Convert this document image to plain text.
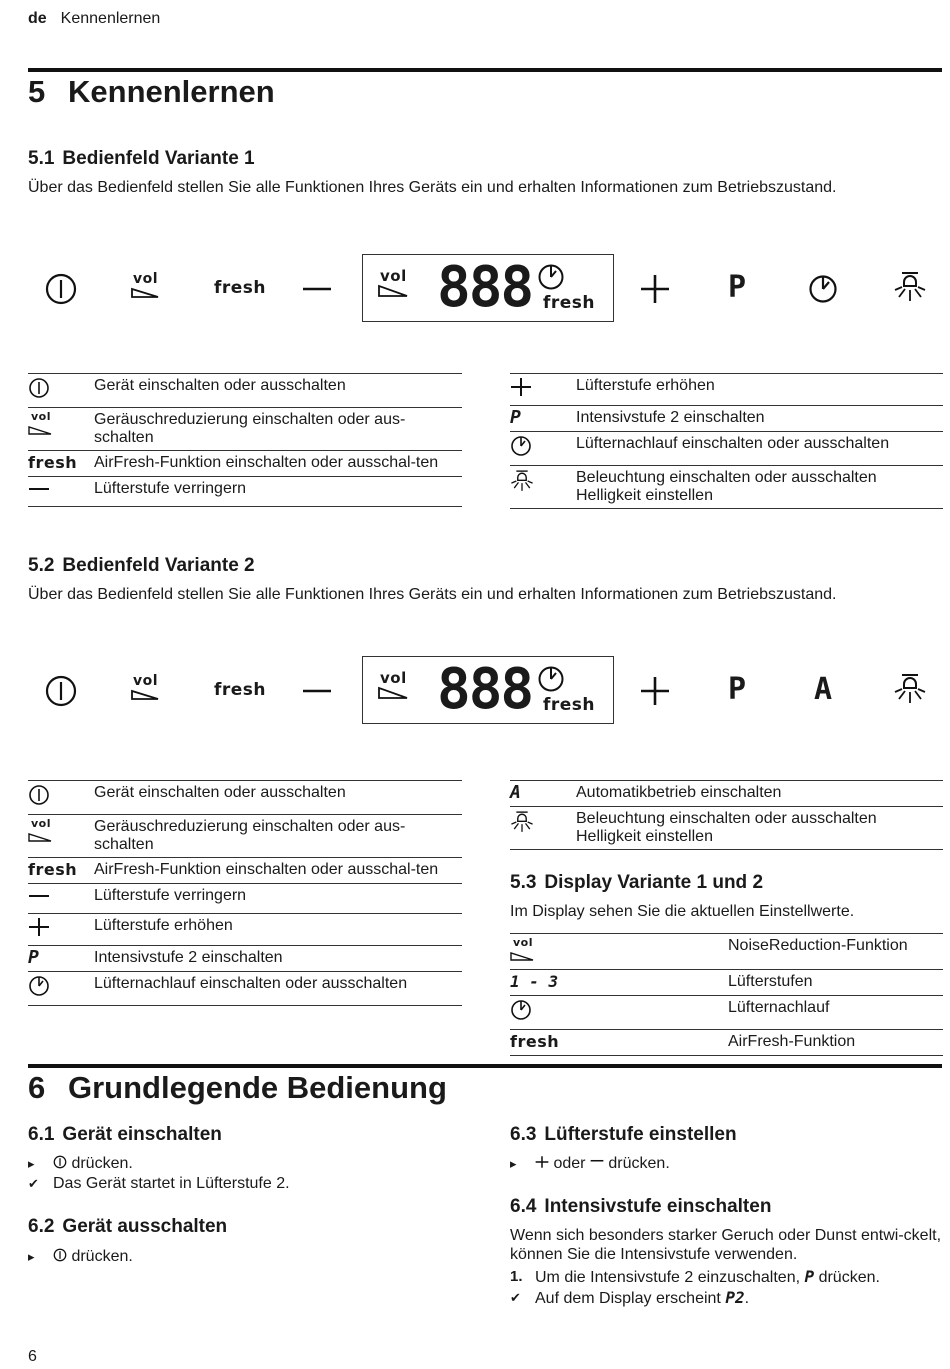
de Kennenlernen
5 Kennenlernen
5.1 Bedienfeld Variante 1
Über das Bedienfeld stellen Sie alle Funktionen Ihres Geräts ein und erhalten Informationen zum Betriebszustand.
vol	fresh
vol 888 fresh	P
	Gerät einschalten oder ausschalten

vol	Geräuschreduzierung einschalten oder aus-schalten
fresh	AirFresh-Funktion einschalten oder ausschal-ten
	Lüfterstufe verringern
	Lüfterstufe erhöhen
P	Intensivstufe 2 einschalten
	Lüfternachlauf einschalten oder ausschalten
	Beleuchtung einschalten oder ausschalten Helligkeit einstellen
5.2 Bedienfeld Variante 2
Über das Bedienfeld stellen Sie alle Funktionen Ihres Geräts ein und erhalten Informationen zum Betriebszustand.
vol	fresh
vol 888 fresh	P A
	Gerät einschalten oder ausschalten

vol	Geräuschreduzierung einschalten oder aus-schalten
fresh	AirFresh-Funktion einschalten oder ausschal-ten
	Lüfterstufe verringern
	Lüfterstufe erhöhen
P	Intensivstufe 2 einschalten
	Lüfternachlauf einschalten oder ausschalten
A	Automatikbetrieb einschalten
	Beleuchtung einschalten oder ausschalten Helligkeit einstellen
5.3 Display Variante 1 und 2
Im Display sehen Sie die aktuellen Einstellwerte.
vol	NoiseReduction-Funktion
1 - 3	Lüfterstufen
	Lüfternachlauf
fresh	AirFresh-Funktion
6 Grundlegende Bedienung
6.1 Gerät einschalten
▸ drücken.
✔ Das Gerät startet in Lüfterstufe 2.
6.2 Gerät ausschalten
▸ drücken.
6.3 Lüfterstufe einstellen
▸ oder drücken.
6.4 Intensivstufe einschalten
Wenn sich besonders starker Geruch oder Dunst entwi-ckelt, können Sie die Intensivstufe verwenden.
1. Um die Intensivstufe 2 einzuschalten, P drücken.
✔ Auf dem Display erscheint P2.
6
